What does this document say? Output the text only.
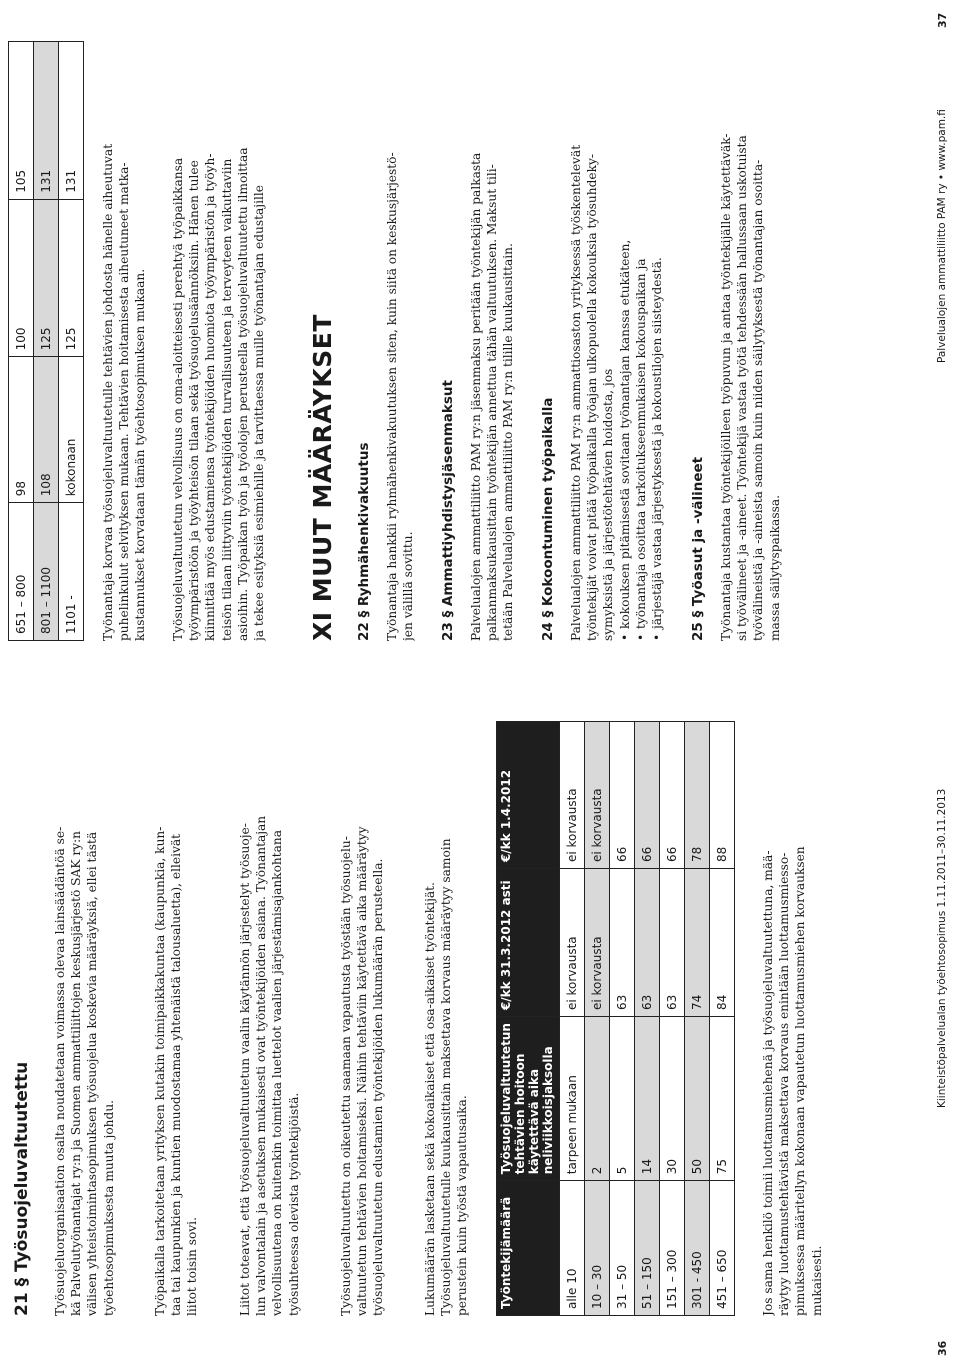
21 § Työsuojeluvaltuutettu Työsuojeluorganisaation osalta noudatetaan voimassa olevaa lainsäädäntöä se- kä Palvelutyönantajat ry:n ja Suomen ammattiliittojen keskusjärjestö SAK ry:n välisen yhteistoimintasopimuksen työsuojelua koskevia määräyksiä, ellei tästä työehtosopimuksesta muuta johdu.	Työpaikalla tarkoitetaan yrityksen kutakin toimipaikkakuntaa (kaupunkia, kun- taa tai kaupunkien ja kuntien muodostamaa yhtenäistä talousaluetta), elleivät liitot toisin sovi.	Liitot toteavat, että työsuojeluvaltuutetun vaalin käytännön järjestelyt työsuoje- lun valvontalain ja asetuksen mukaisesti ovat työntekijöiden asiana. Työnantajan velvollisuutena on kuitenkin toimittaa luettelot vaalien järjestämisajankohtana työsuhteessa olevista työntekijöistä.	Työsuojeluvaltuutettu on oikeutettu saamaan vapautusta työstään työsuojelu- valtuutetun tehtävien hoitamiseksi. Näihin tehtäviin käytettävä aika määräytyy työsuojeluvaltuutetun edustamien työntekijöiden lukumäärän perusteella.	Lukumäärän lasketaan sekä kokoaikaiset että osa-aikaiset työntekijät. Työsuojeluvaltuutetulle kuukausittain maksettava korvaus määräytyy samoin perustein kuin työstä vapautusaika. Työntekijämäärä	Työsuojeluvaltuutetun tehtävien hoitoon käytettävä aika neliviikkoisjaksolla	€/kk 31.3.2012 asti	€/kk 1.4.2012
alle 10	tarpeen mukaan	ei korvausta	ei korvausta
10 – 30	2	ei korvausta	ei korvausta
31 – 50	5	63	66
51 – 150	14	63	66
151 – 300	30	63	66
301 - 450	50	74	78
451 – 650	75	84	88	Jos sama henkilö toimii luottamusmiehenä ja työsuojeluvaltuutettuna, mää- räytyy luottamustehtävistä maksettava korvaus enintään luottamusmiesso- pimuksessa määritellyn kokonaan vapautetun luottamusmiehen korvauksen mukaisesti.
36
Kiinteistöpalvelualan työehtosopimus 1.11.2011–30.11.2013
651 – 800	98	100	105
801 – 1100	108	125	131
1101 -	kokonaan	125	131 Työnantaja korvaa työsuojeluvaltuutetulle tehtävien johdosta hänelle aiheutuvat puhelinkulut selvityksen mukaan. Tehtävien hoitamisesta aiheutuneet matka- kustannukset korvataan tämän työehtosopimuksen mukaan. Työsuojeluvaltuutetun velvollisuus on oma-aloitteisesti perehtyä työpaikkansa työympäristöön ja työyhteisön tilaan sekä työsuojelusäännöksiin. Hänen tulee kiinnittää myös edustamiensa työntekijöiden huomiota työympäristön ja työyh- teisön tilaan liittyviin työntekijöiden turvallisuuteen ja terveyteen vaikuttaviin asioihin. Työpaikan työn ja työolojen perusteella työsuojeluvaltuutettu ilmoittaa ja tekee esityksiä esimiehille ja tarvittaessa muille työnantajan edustajille XI MUUT MÄÄRÄYKSET 22 § Ryhmähenkivakuutus Työnantaja hankkii ryhmähenkivakuutuksen siten, kuin siitä on keskusjärjestö- jen välillä sovittu. 23 § Ammattiyhdistysjäsenmaksut Palvelualojen ammattiliitto PAM ry:n jäsenmaksu peritään työntekijän palkasta palkanmaksukausittain työntekijän annettua tähän valtuutuksen. Maksut tili- tetään Palvelualojen ammattiliitto PAM ry:n tilille kuukausittain. 24 § Kokoontuminen työpaikalla Palvelualojen ammattiliitto PAM ry:n ammattiosaston yrityksessä työskentelevät työntekijät voivat pitää työpaikalla työajan ulkopuolella kokouksia työsuhdeky- symyksistä ja järjestötehtävien hoidosta, jos • kokouksen pitämisestä sovitaan työnantajan kanssa etukäteen, • työnantaja osoittaa tarkoitukseenmukaisen kokouspaikan ja • järjestäjä vastaa järjestyksestä ja kokoustilojen siisteydestä. 25 § Työasut ja -välineet Työnantaja kustantaa työntekijöilleen työpuvun ja antaa työntekijälle käytettäväk- si työvälineet ja -aineet. Työntekijä vastaa työtä tehdessään hallussaan uskotuista työvälineistä ja -aineista samoin kuin niiden säilytyksestä työnantajan osoitta- massa säilytyspaikassa.
Palvelualojen ammattiliitto PAM ry • www.pam.fi
37
